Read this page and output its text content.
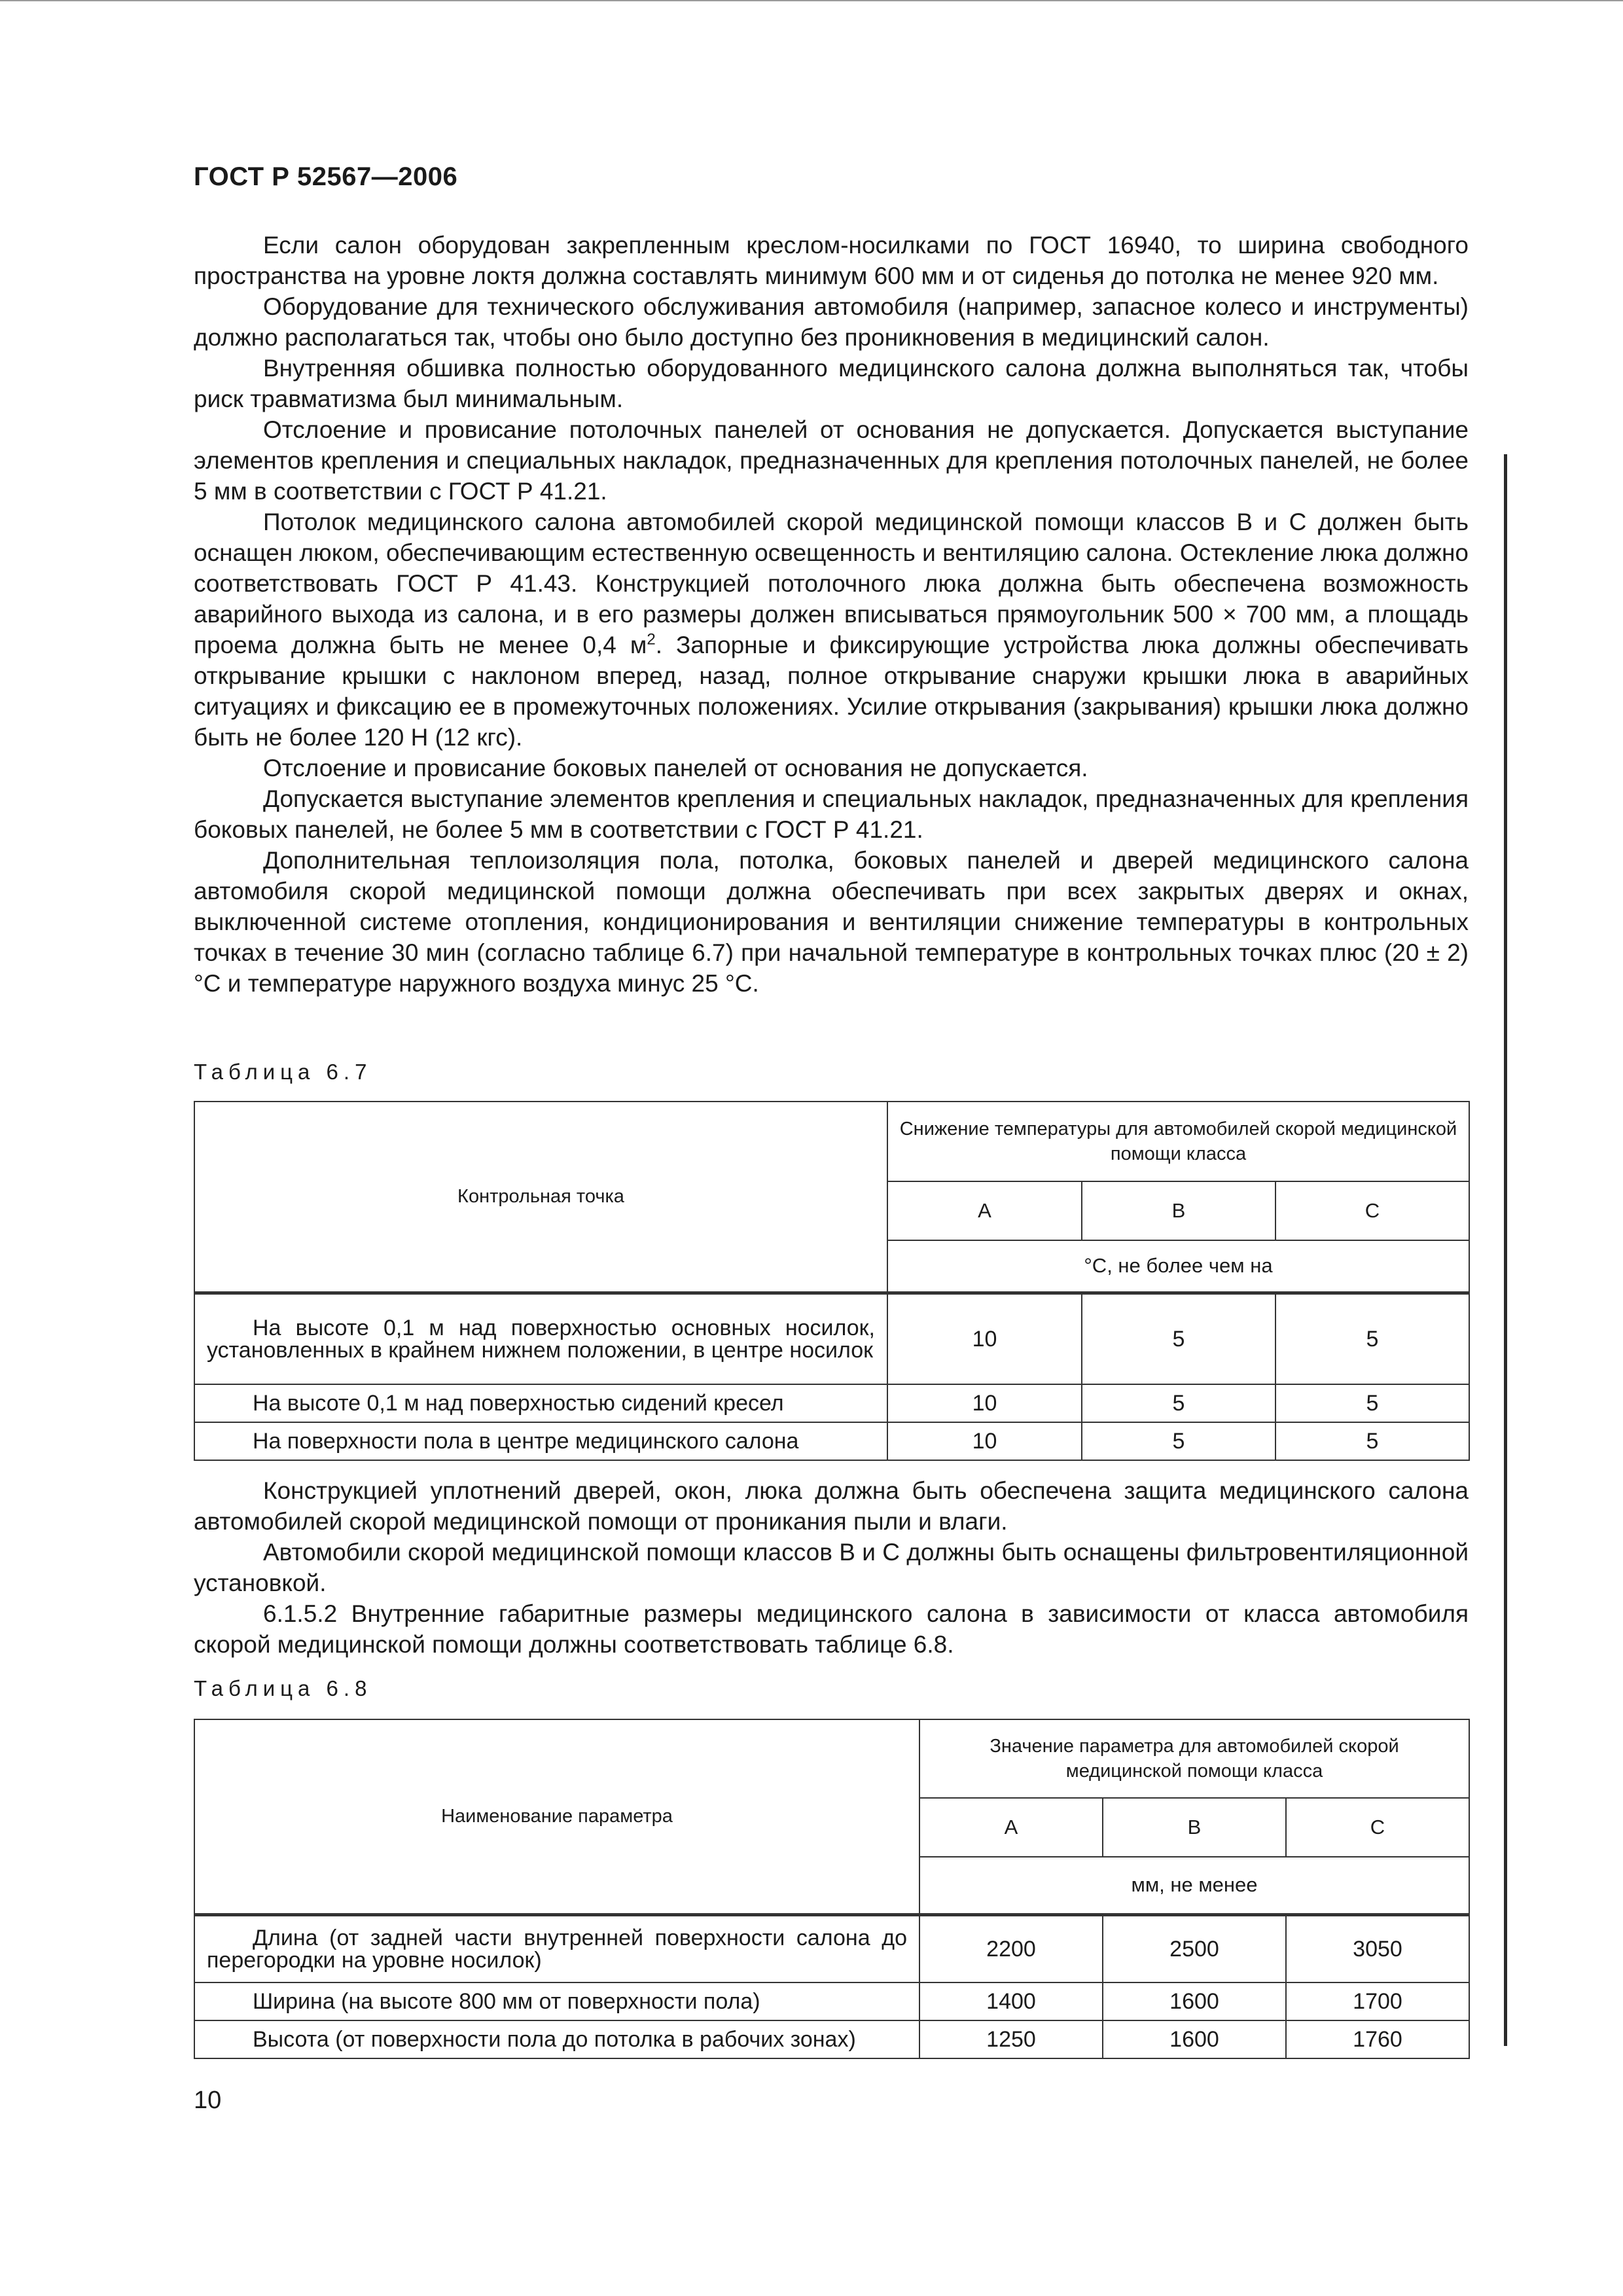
ГОСТ Р 52567—2006

Если салон оборудован закрепленным креслом-носилками по ГОСТ 16940, то ширина свободного пространства на уровне локтя должна составлять минимум 600 мм и от сиденья до потолка не менее 920 мм.

Оборудование для технического обслуживания автомобиля (например, запасное колесо и инструменты) должно располагаться так, чтобы оно было доступно без проникновения в медицинский салон.

Внутренняя обшивка полностью оборудованного медицинского салона должна выполняться так, чтобы риск травматизма был минимальным.

Отслоение и провисание потолочных панелей от основания не допускается. Допускается выступание элементов крепления и специальных накладок, предназначенных для крепления потолочных панелей, не более 5 мм в соответствии с ГОСТ Р 41.21.

Потолок медицинского салона автомобилей скорой медицинской помощи классов В и С должен быть оснащен люком, обеспечивающим естественную освещенность и вентиляцию салона. Остекление люка должно соответствовать ГОСТ Р 41.43. Конструкцией потолочного люка должна быть обеспечена возможность аварийного выхода из салона, и в его размеры должен вписываться прямоугольник 500 × 700 мм, а площадь проема должна быть не менее 0,4 $м^2$. Запорные и фиксирующие устройства люка должны обеспечивать открывание крышки с наклоном вперед, назад, полное открывание снаружи крышки люка в аварийных ситуациях и фиксацию ее в промежуточных положениях. Усилие открывания (закрывания) крышки люка должно быть не более 120 Н (12 кгс).

Отслоение и провисание боковых панелей от основания не допускается.

Допускается выступание элементов крепления и специальных накладок, предназначенных для крепления боковых панелей, не более 5 мм в соответствии с ГОСТ Р 41.21.

Дополнительная теплоизоляция пола, потолка, боковых панелей и дверей медицинского салона автомобиля скорой медицинской помощи должна обеспечивать при всех закрытых дверях и окнах, выключенной системе отопления, кондиционирования и вентиляции снижение температуры в контрольных точках в течение 30 мин (согласно таблице 6.7) при начальной температуре в контрольных точках плюс (20 ± 2) °С и температуре наружного воздуха минус 25 °С.

Таблица 6.7

Контрольная точка	Снижение температуры для автомобилей скорой медицинской помощи класса		
	А	В	С
	°С, не более чем на		

На высоте 0,1 м над поверхностью основных носилок, установленных в крайнем нижнем положении, в центре носилок	10	5	5

На высоте 0,1 м над поверхностью сидений кресел	10	5	5

На поверхности пола в центре медицинского салона	10	5	5

Конструкцией уплотнений дверей, окон, люка должна быть обеспечена защита медицинского салона автомобилей скорой медицинской помощи от проникания пыли и влаги.

Автомобили скорой медицинской помощи классов В и С должны быть оснащены фильтровентиляционной установкой.

6.1.5.2 Внутренние габаритные размеры медицинского салона в зависимости от класса автомобиля скорой медицинской помощи должны соответствовать таблице 6.8.

Таблица 6.8

Наименование параметра	Значение параметра для автомобилей скорой медицинской помощи класса		
	А	В	С
	мм, не менее		

Длина (от задней части внутренней поверхности салона до перегородки на уровне носилок)	2200	2500	3050

Ширина (на высоте 800 мм от поверхности пола)	1400	1600	1700

Высота (от поверхности пола до потолка в рабочих зонах)	1250	1600	1760
10
